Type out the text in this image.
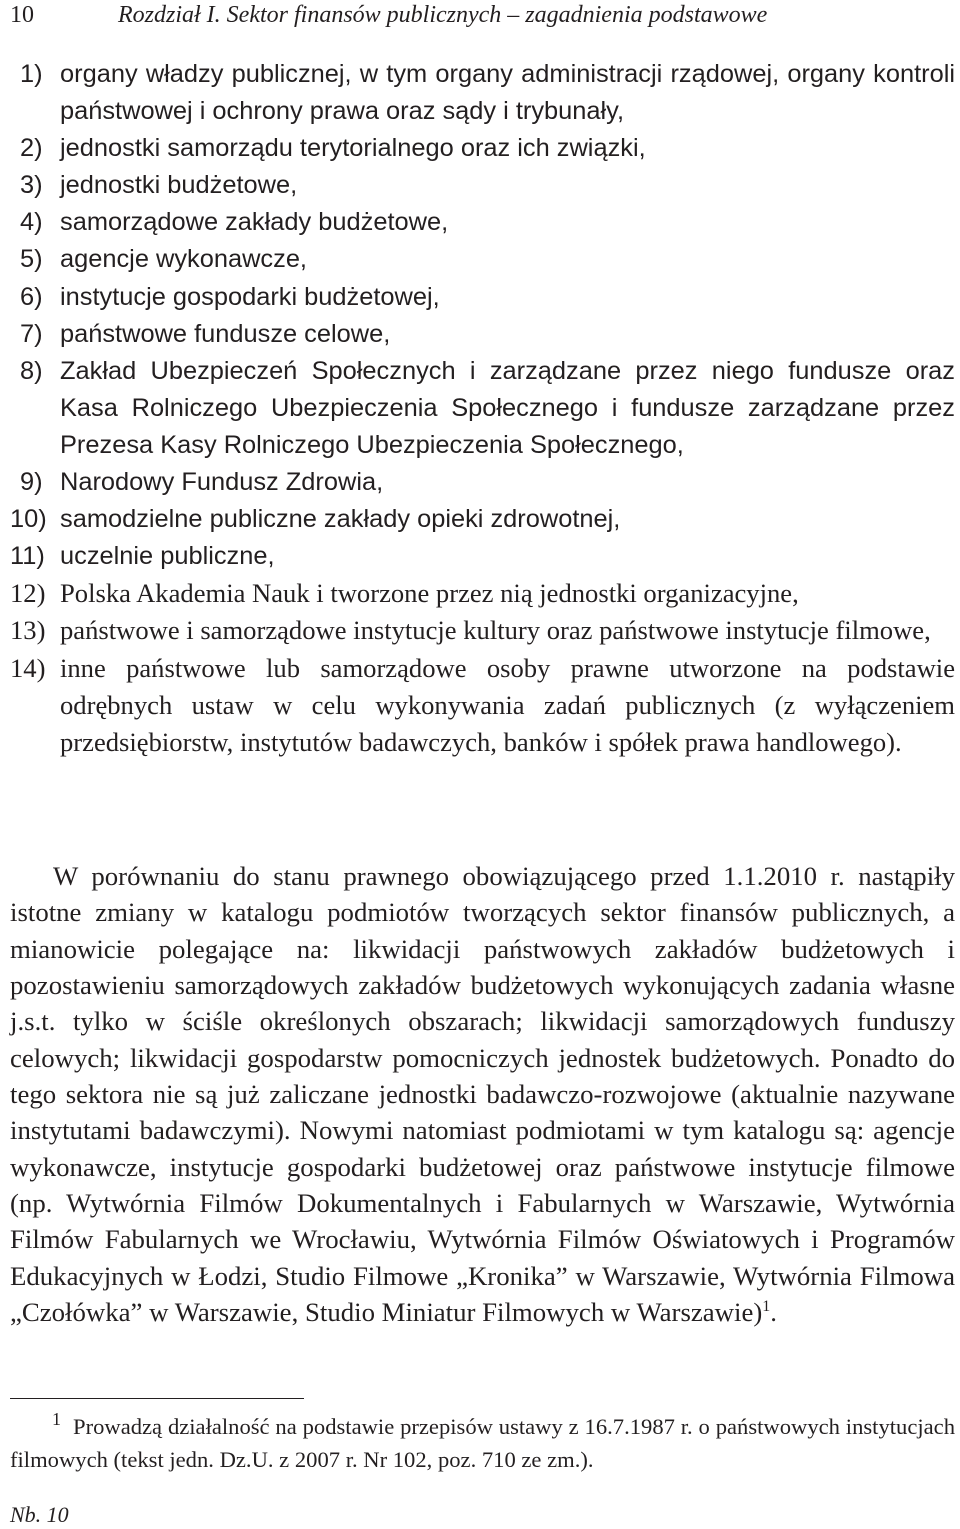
10	Rozdział I. Sektor finansów publicznych – zagadnienia podstawowe
1) organy władzy publicznej, w tym organy administracji rządowej, organy kontroli państwowej i ochrony prawa oraz sądy i trybunały,
2) jednostki samorządu terytorialnego oraz ich związki,
3) jednostki budżetowe,
4) samorządowe zakłady budżetowe,
5) agencje wykonawcze,
6) instytucje gospodarki budżetowej,
7) państwowe fundusze celowe,
8) Zakład Ubezpieczeń Społecznych i zarządzane przez niego fundusze oraz Kasa Rolniczego Ubezpieczenia Społecznego i fundusze zarządzane przez Prezesa Kasy Rolniczego Ubezpieczenia Społecznego,
9) Narodowy Fundusz Zdrowia,
10) samodzielne publiczne zakłady opieki zdrowotnej,
11) uczelnie publiczne,
12) Polska Akademia Nauk i tworzone przez nią jednostki organizacyjne,
13) państwowe i samorządowe instytucje kultury oraz państwowe instytucje filmowe,
14) inne państwowe lub samorządowe osoby prawne utworzone na podstawie odrębnych ustaw w celu wykonywania zadań publicznych (z wyłączeniem przedsiębiorstw, instytutów badawczych, banków i spółek prawa handlowego).

W porównaniu do stanu prawnego obowiązującego przed 1.1.2010 r. nastąpiły istotne zmiany w katalogu podmiotów tworzących sektor finansów publicznych, a mianowicie polegające na: likwidacji państwowych zakładów budżetowych i pozostawieniu samorządowych zakładów budżetowych wykonujących zadania własne j.s.t. tylko w ściśle określonych obszarach; likwidacji samorządowych funduszy celowych; likwidacji gospodarstw pomocniczych jednostek budżetowych. Ponadto do tego sektora nie są już zaliczane jednostki badawczo-rozwojowe (aktualnie nazywane instytutami badawczymi). Nowymi natomiast podmiotami w tym katalogu są: agencje wykonawcze, instytucje gospodarki budżetowej oraz państwowe instytucje filmowe (np. Wytwórnia Filmów Dokumentalnych i Fabularnych w Warszawie, Wytwórnia Filmów Fabularnych we Wrocławiu, Wytwórnia Filmów Oświatowych i Programów Edukacyjnych w Łodzi, Studio Filmowe „Kronika” w Warszawie, Wytwórnia Filmowa „Czołówka” w Warszawie, Studio Miniatur Filmowych w Warszawie)$^1$.

$^1$ Prowadzą działalność na podstawie przepisów ustawy z 16.7.1987 r. o państwowych instytucjach filmowych (tekst jedn. Dz.U. z 2007 r. Nr 102, poz. 710 ze zm.).

Nb. 10
